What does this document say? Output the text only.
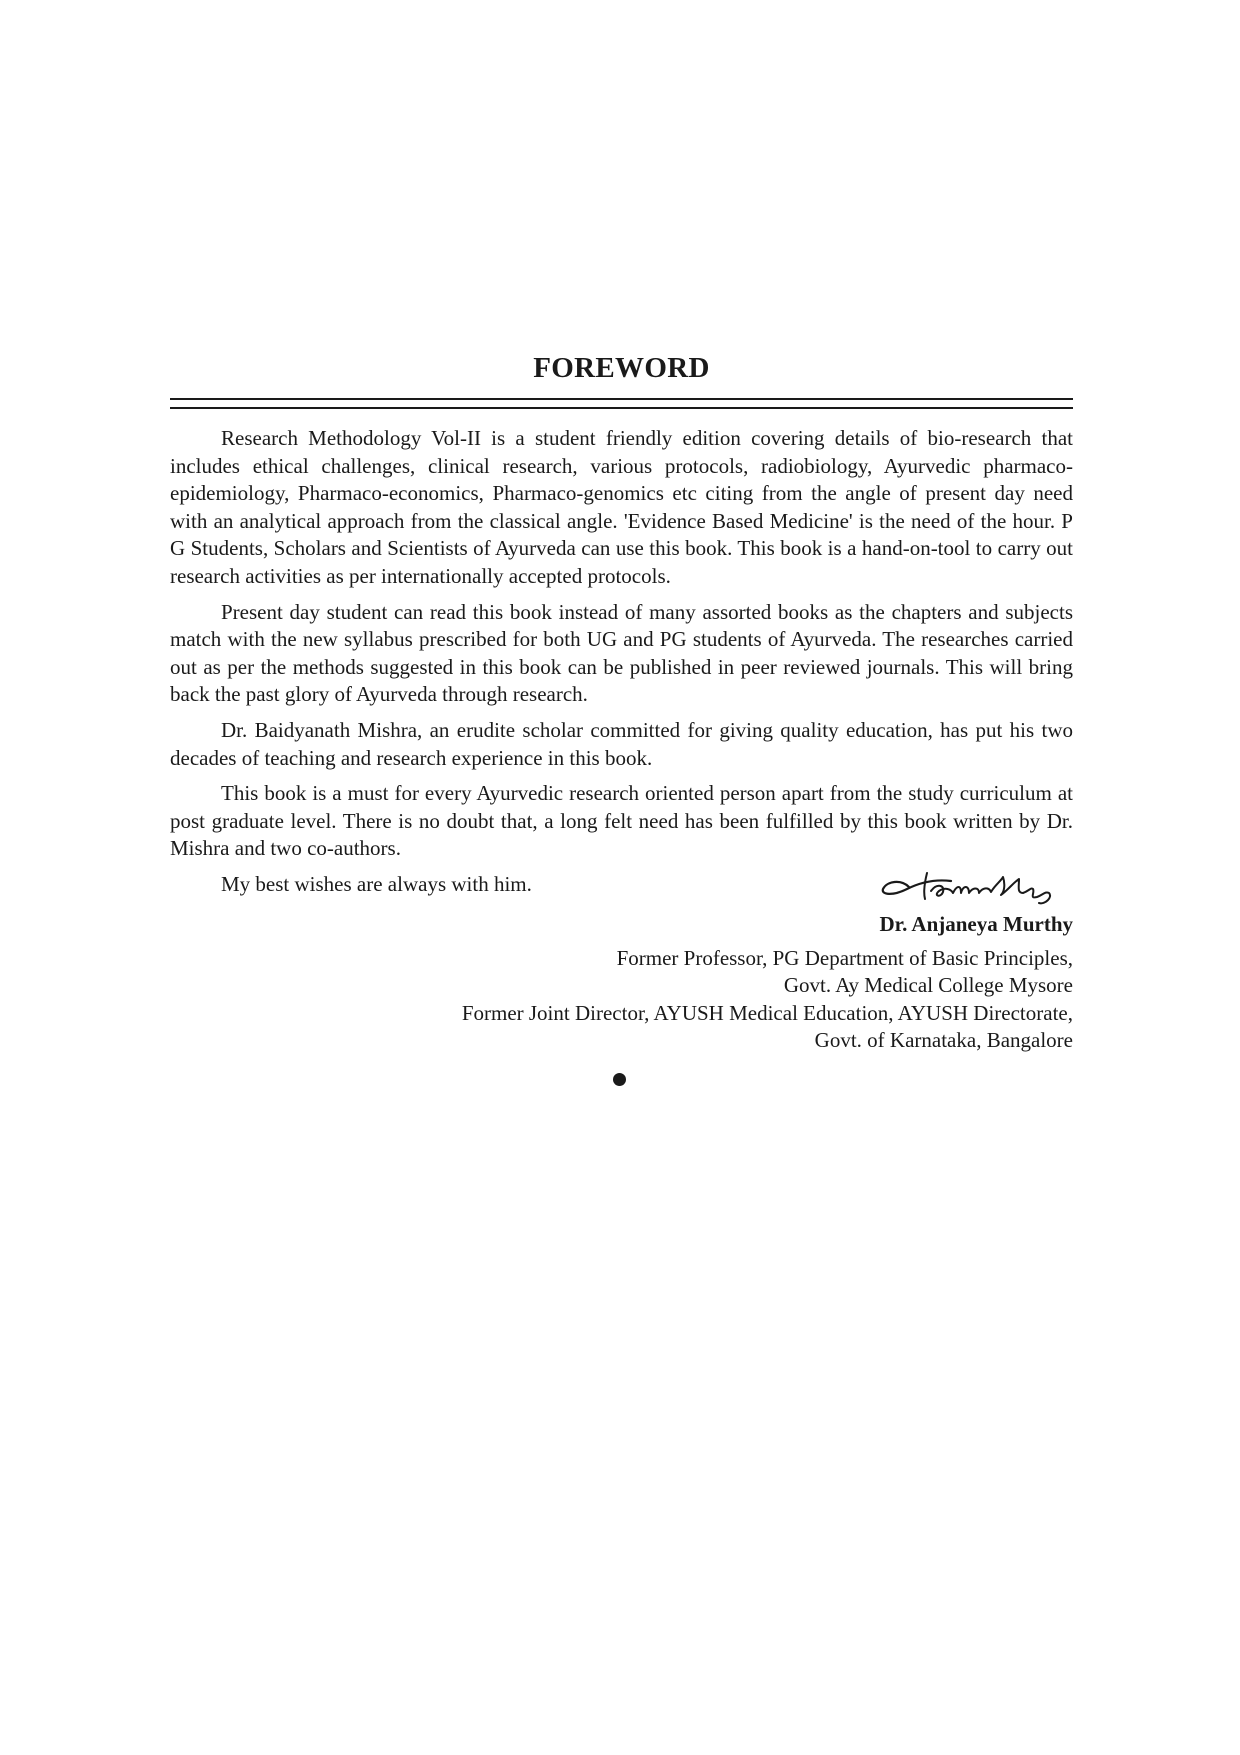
FOREWORD

Research Methodology Vol-II is a student friendly edition covering details of bio-research that includes ethical challenges, clinical research, various protocols, radiobiology, Ayurvedic pharmaco-epidemiology, Pharmaco-economics, Pharmaco-genomics etc citing from the angle of present day need with an analytical approach from the classical angle. 'Evidence Based Medicine' is the need of the hour. P G Students, Scholars and Scientists of Ayurveda can use this book. This book is a hand-on-tool to carry out research activities as per internationally accepted protocols.

Present day student can read this book instead of many assorted books as the chapters and subjects match with the new syllabus prescribed for both UG and PG students of Ayurveda. The researches carried out as per the methods suggested in this book can be published in peer reviewed journals. This will bring back the past glory of Ayurveda through research.

Dr. Baidyanath Mishra, an erudite scholar committed for giving quality education, has put his two decades of teaching and research experience in this book.

This book is a must for every Ayurvedic research oriented person apart from the study curriculum at post graduate level. There is no doubt that, a long felt need has been fulfilled by this book written by Dr. Mishra and two co-authors.

My best wishes are always with him.

Dr. Anjaneya Murthy

Former Professor, PG Department of Basic Principles,

Govt. Ay Medical College Mysore

Former Joint Director, AYUSH Medical Education, AYUSH Directorate,

Govt. of Karnataka, Bangalore
